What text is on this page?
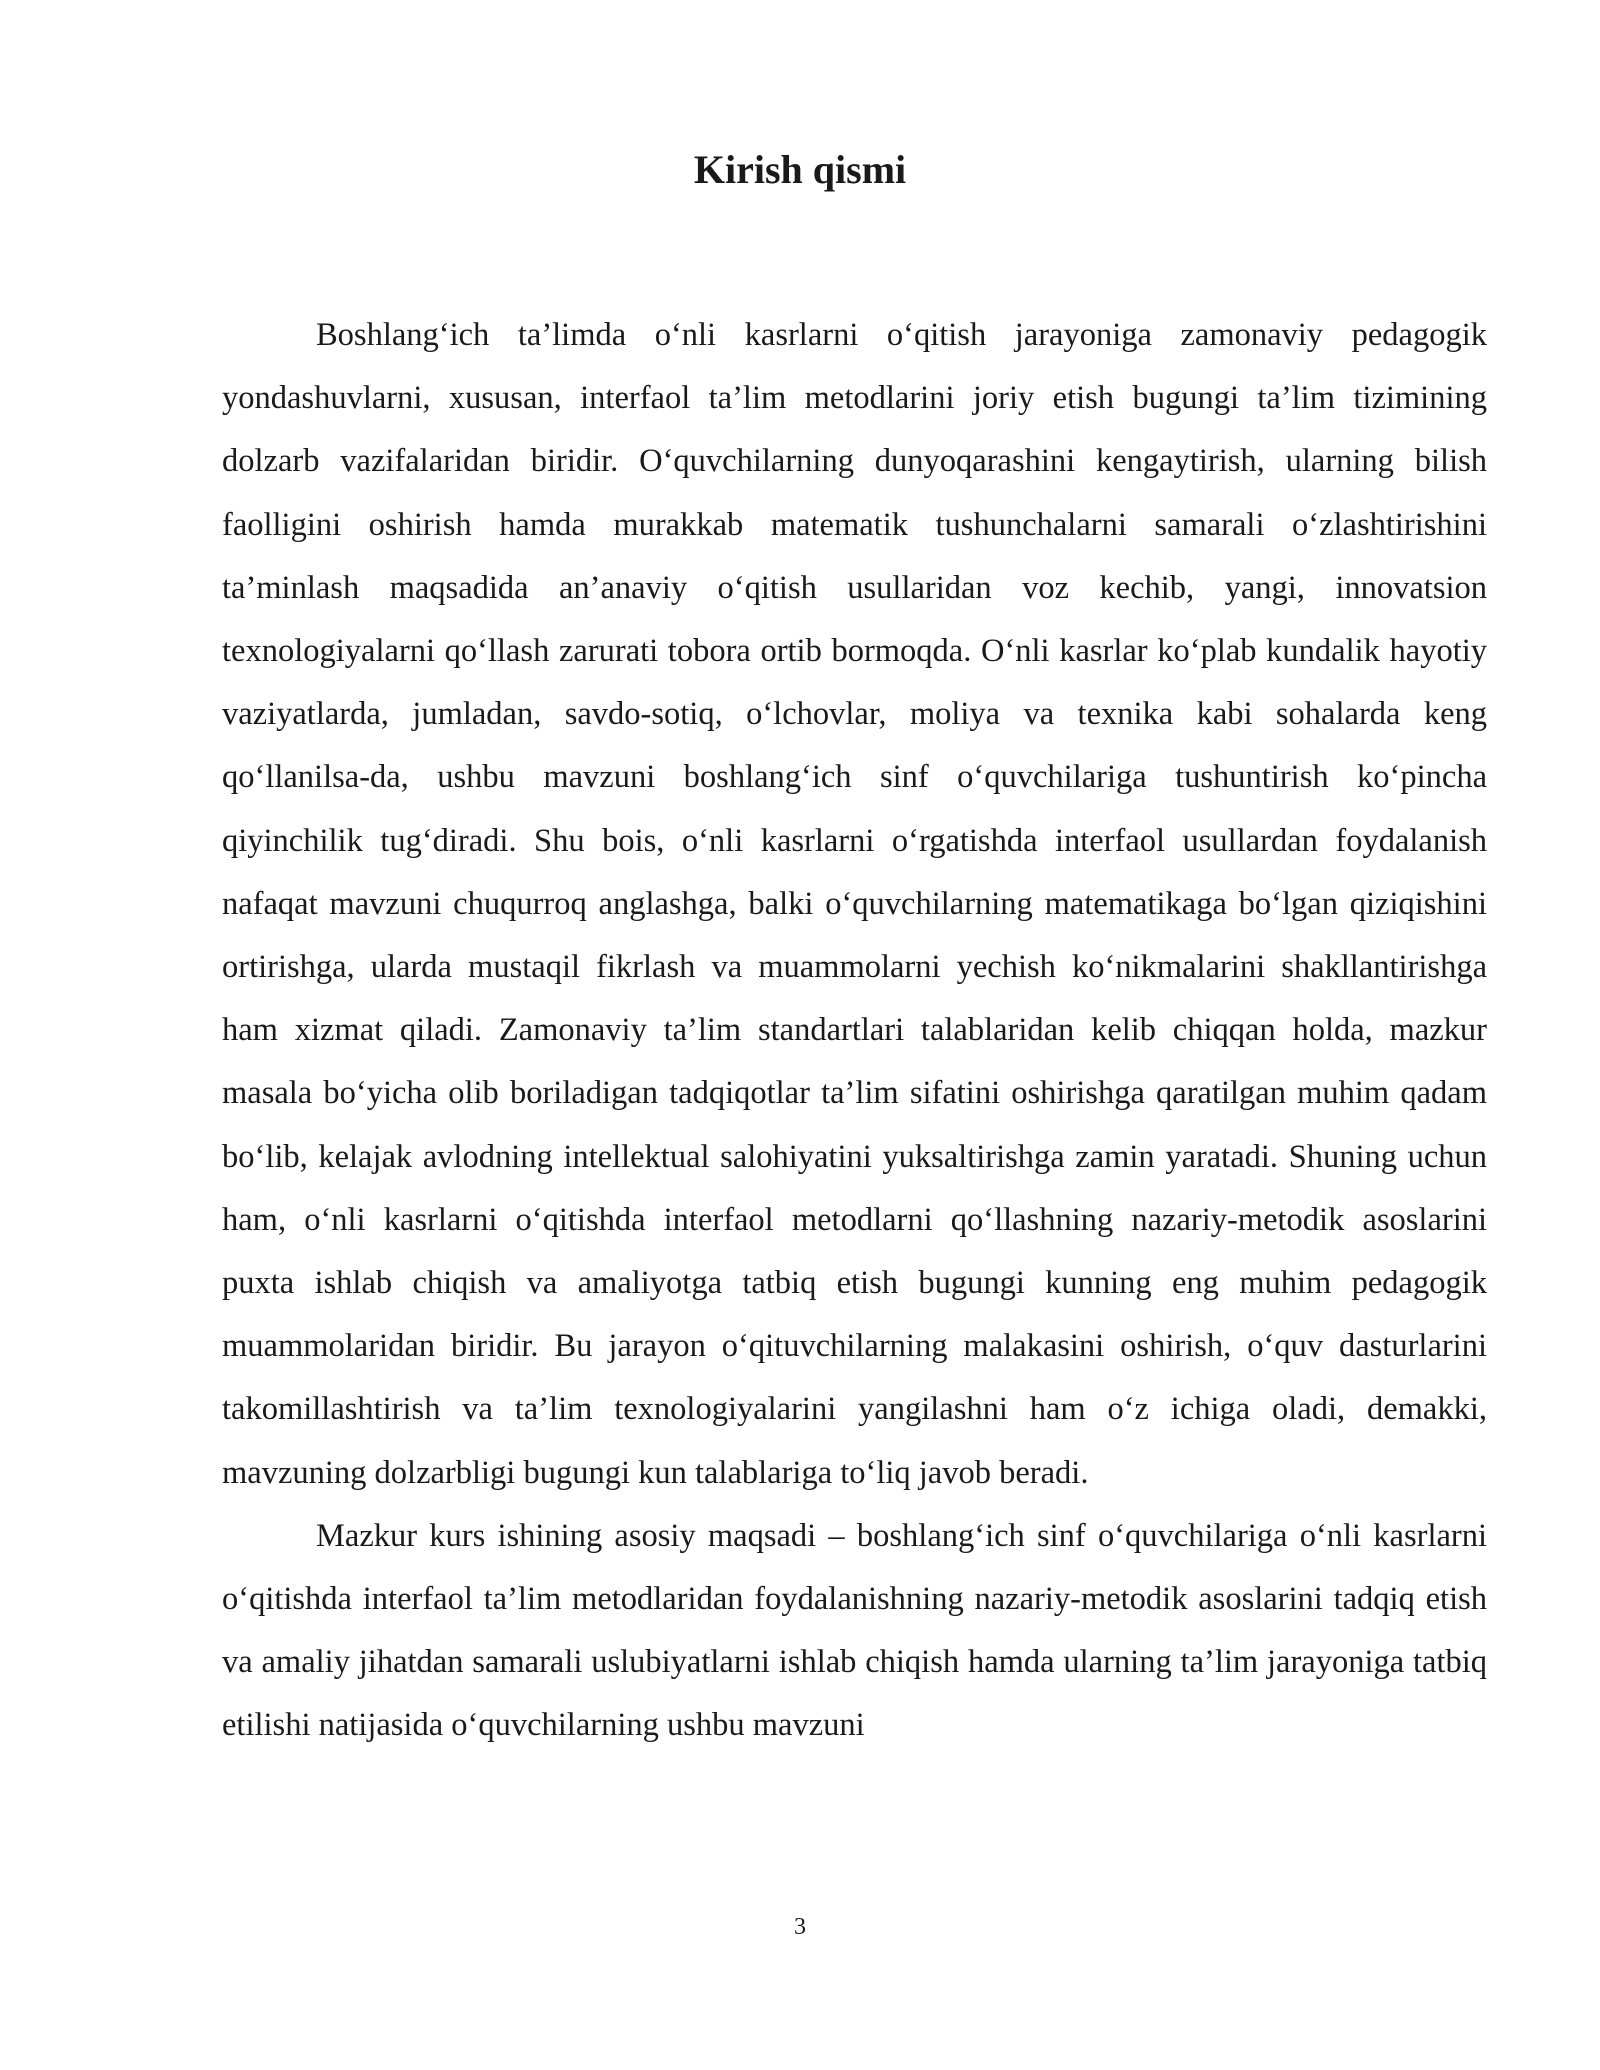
Kirish qismi

Boshlang‘ich ta’limda o‘nli kasrlarni o‘qitish jarayoniga zamonaviy pedagogik yondashuvlarni, xususan, interfaol ta’lim metodlarini joriy etish bugungi ta’lim tizimining dolzarb vazifalaridan biridir. O‘quvchilarning dunyoqarashini kengaytirish, ularning bilish faolligini oshirish hamda murakkab matematik tushunchalarni samarali o‘zlashtirishini ta’minlash maqsadida an’anaviy o‘qitish usullaridan voz kechib, yangi, innovatsion texnologiyalarni qo‘llash zarurati tobora ortib bormoqda. O‘nli kasrlar ko‘plab kundalik hayotiy vaziyatlarda, jumladan, savdo-sotiq, o‘lchovlar, moliya va texnika kabi sohalarda keng qo‘llanilsa-da, ushbu mavzuni boshlang‘ich sinf o‘quvchilariga tushuntirish ko‘pincha qiyinchilik tug‘diradi. Shu bois, o‘nli kasrlarni o‘rgatishda interfaol usullardan foydalanish nafaqat mavzuni chuqurroq anglashga, balki o‘quvchilarning matematikaga bo‘lgan qiziqishini ortirishga, ularda mustaqil fikrlash va muammolarni yechish ko‘nikmalarini shakllantirishga ham xizmat qiladi. Zamonaviy ta’lim standartlari talablaridan kelib chiqqan holda, mazkur masala bo‘yicha olib boriladigan tadqiqotlar ta’lim sifatini oshirishga qaratilgan muhim qadam bo‘lib, kelajak avlodning intellektual salohiyatini yuksaltirishga zamin yaratadi. Shuning uchun ham, o‘nli kasrlarni o‘qitishda interfaol metodlarni qo‘llashning nazariy-metodik asoslarini puxta ishlab chiqish va amaliyotga tatbiq etish bugungi kunning eng muhim pedagogik muammolaridan biridir. Bu jarayon o‘qituvchilarning malakasini oshirish, o‘quv dasturlarini takomillashtirish va ta’lim texnologiyalarini yangilashni ham o‘z ichiga oladi, demakki, mavzuning dolzarbligi bugungi kun talablariga to‘liq javob beradi.

Mazkur kurs ishining asosiy maqsadi – boshlang‘ich sinf o‘quvchilariga o‘nli kasrlarni o‘qitishda interfaol ta’lim metodlaridan foydalanishning nazariy-metodik asoslarini tadqiq etish va amaliy jihatdan samarali uslubiyatlarni ishlab chiqish hamda ularning ta’lim jarayoniga tatbiq etilishi natijasida o‘quvchilarning ushbu mavzuni

3
